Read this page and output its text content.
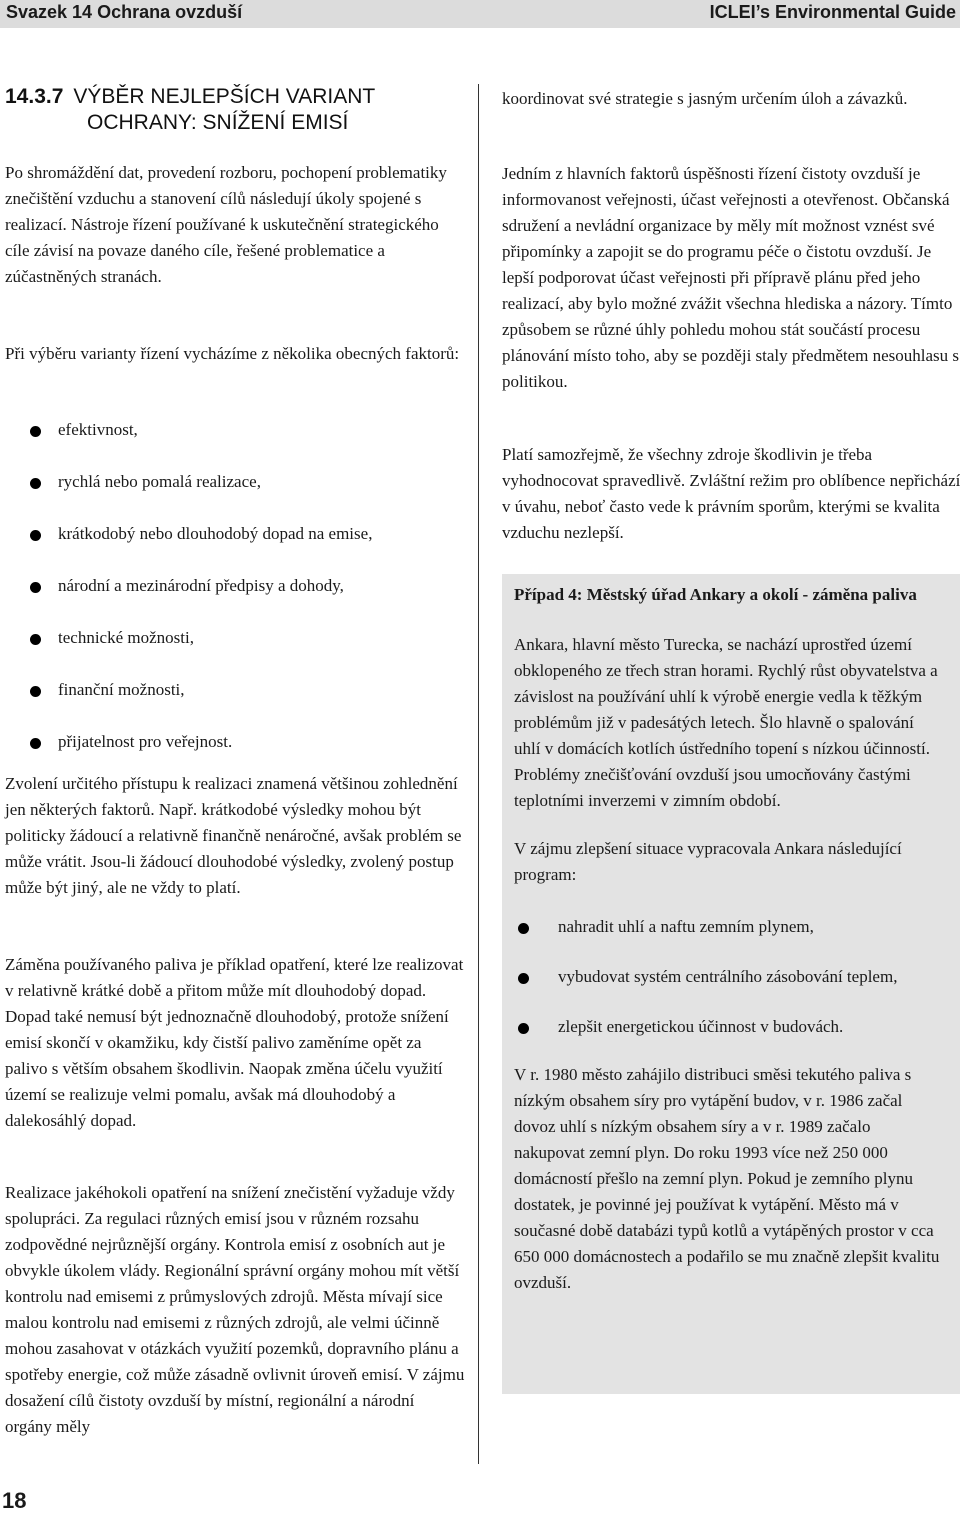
Svazek 14 Ochrana ovzduší	ICLEI’s Environmental Guide
14.3.7 VÝBĚR NEJLEPŠÍCH VARIANT
OCHRANY: SNÍŽENÍ EMISÍ

Po shromáždění dat, provedení rozboru, pochopení problematiky znečištění vzduchu a stanovení cílů následují úkoly spojené s realizací. Nástroje řízení používané k uskutečnění strategického cíle závisí na povaze daného cíle, řešené problematice a zúčastněných stranách.

Při výběru varianty řízení vycházíme z několika obecných faktorů:

efektivnost,
rychlá nebo pomalá realizace,
krátkodobý nebo dlouhodobý dopad na emise,
národní a mezinárodní předpisy a dohody,
technické možnosti,
finanční možnosti,
přijatelnost pro veřejnost.

Zvolení určitého přístupu k realizaci znamená většinou zohlednění jen některých faktorů. Např. krátkodobé výsledky mohou být politicky žádoucí a relativně finančně nenáročné, avšak problém se může vrátit. Jsou-li žádoucí dlouhodobé výsledky, zvolený postup může být jiný, ale ne vždy to platí.

Záměna používaného paliva je příklad opatření, které lze realizovat v relativně krátké době a přitom může mít dlouhodobý dopad. Dopad také nemusí být jednoznačně dlouhodobý, protože snížení emisí skončí v okamžiku, kdy čistší palivo zaměníme opět za palivo s větším obsahem škodlivin. Naopak změna účelu využití území se realizuje velmi pomalu, avšak má dlouhodobý a dalekosáhlý dopad.

Realizace jakéhokoli opatření na snížení znečistění vyžaduje vždy spolupráci. Za regulaci různých emisí jsou v různém rozsahu zodpovědné nejrůznější orgány. Kontrola emisí z osobních aut je obvykle úkolem vlády. Regionální správní orgány mohou mít větší kontrolu nad emisemi z průmyslových zdrojů. Města mívají sice malou kontrolu nad emisemi z různých zdrojů, ale velmi účinně mohou zasahovat v otázkách využití pozemků, dopravního plánu a spotřeby energie, což může zásadně ovlivnit úroveň emisí. V zájmu dosažení cílů čistoty ovzduší by místní, regionální a národní orgány měly

koordinovat své strategie s jasným určením úloh a závazků.

Jedním z hlavních faktorů úspěšnosti řízení čistoty ovzduší je informovanost veřejnosti, účast veřejnosti a otevřenost. Občanská sdružení a nevládní organizace by měly mít možnost vznést své připomínky a zapojit se do programu péče o čistotu ovzduší. Je lepší podporovat účast veřejnosti při přípravě plánu před jeho realizací, aby bylo možné zvážit všechna hlediska a názory. Tímto způsobem se různé úhly pohledu mohou stát součástí procesu plánování místo toho, aby se později staly předmětem nesouhlasu s politikou.

Platí samozřejmě, že všechny zdroje škodlivin je třeba vyhodnocovat spravedlivě. Zvláštní režim pro oblíbence nepřichází v úvahu, neboť často vede k právním sporům, kterými se kvalita vzduchu nezlepší.

Případ 4: Městský úřad Ankary a okolí - záměna paliva

Ankara, hlavní město Turecka, se nachází uprostřed území obklopeného ze třech stran horami. Rychlý růst obyvatelstva a závislost na používání uhlí k výrobě energie vedla k těžkým problémům již v padesátých letech. Šlo hlavně o spalování uhlí v domácích kotlích ústředního topení s nízkou účinností. Problémy znečišťování ovzduší jsou umocňovány častými teplotními inverzemi v zimním období.

V zájmu zlepšení situace vypracovala Ankara následující program:

nahradit uhlí a naftu zemním plynem,
vybudovat systém centrálního zásobování teplem,
zlepšit energetickou účinnost v budovách.

V r. 1980 město zahájilo distribuci směsi tekutého paliva s nízkým obsahem síry pro vytápění budov, v r. 1986 začal dovoz uhlí s nízkým obsahem síry a v r. 1989 začalo nakupovat zemní plyn. Do roku 1993 více než 250 000 domácností přešlo na zemní plyn. Pokud je zemního plynu dostatek, je povinné jej používat k vytápění. Město má v současné době databázi typů kotlů a vytápěných prostor v cca 650 000 domácnostech a podařilo se mu značně zlepšit kvalitu ovzduší.

18
